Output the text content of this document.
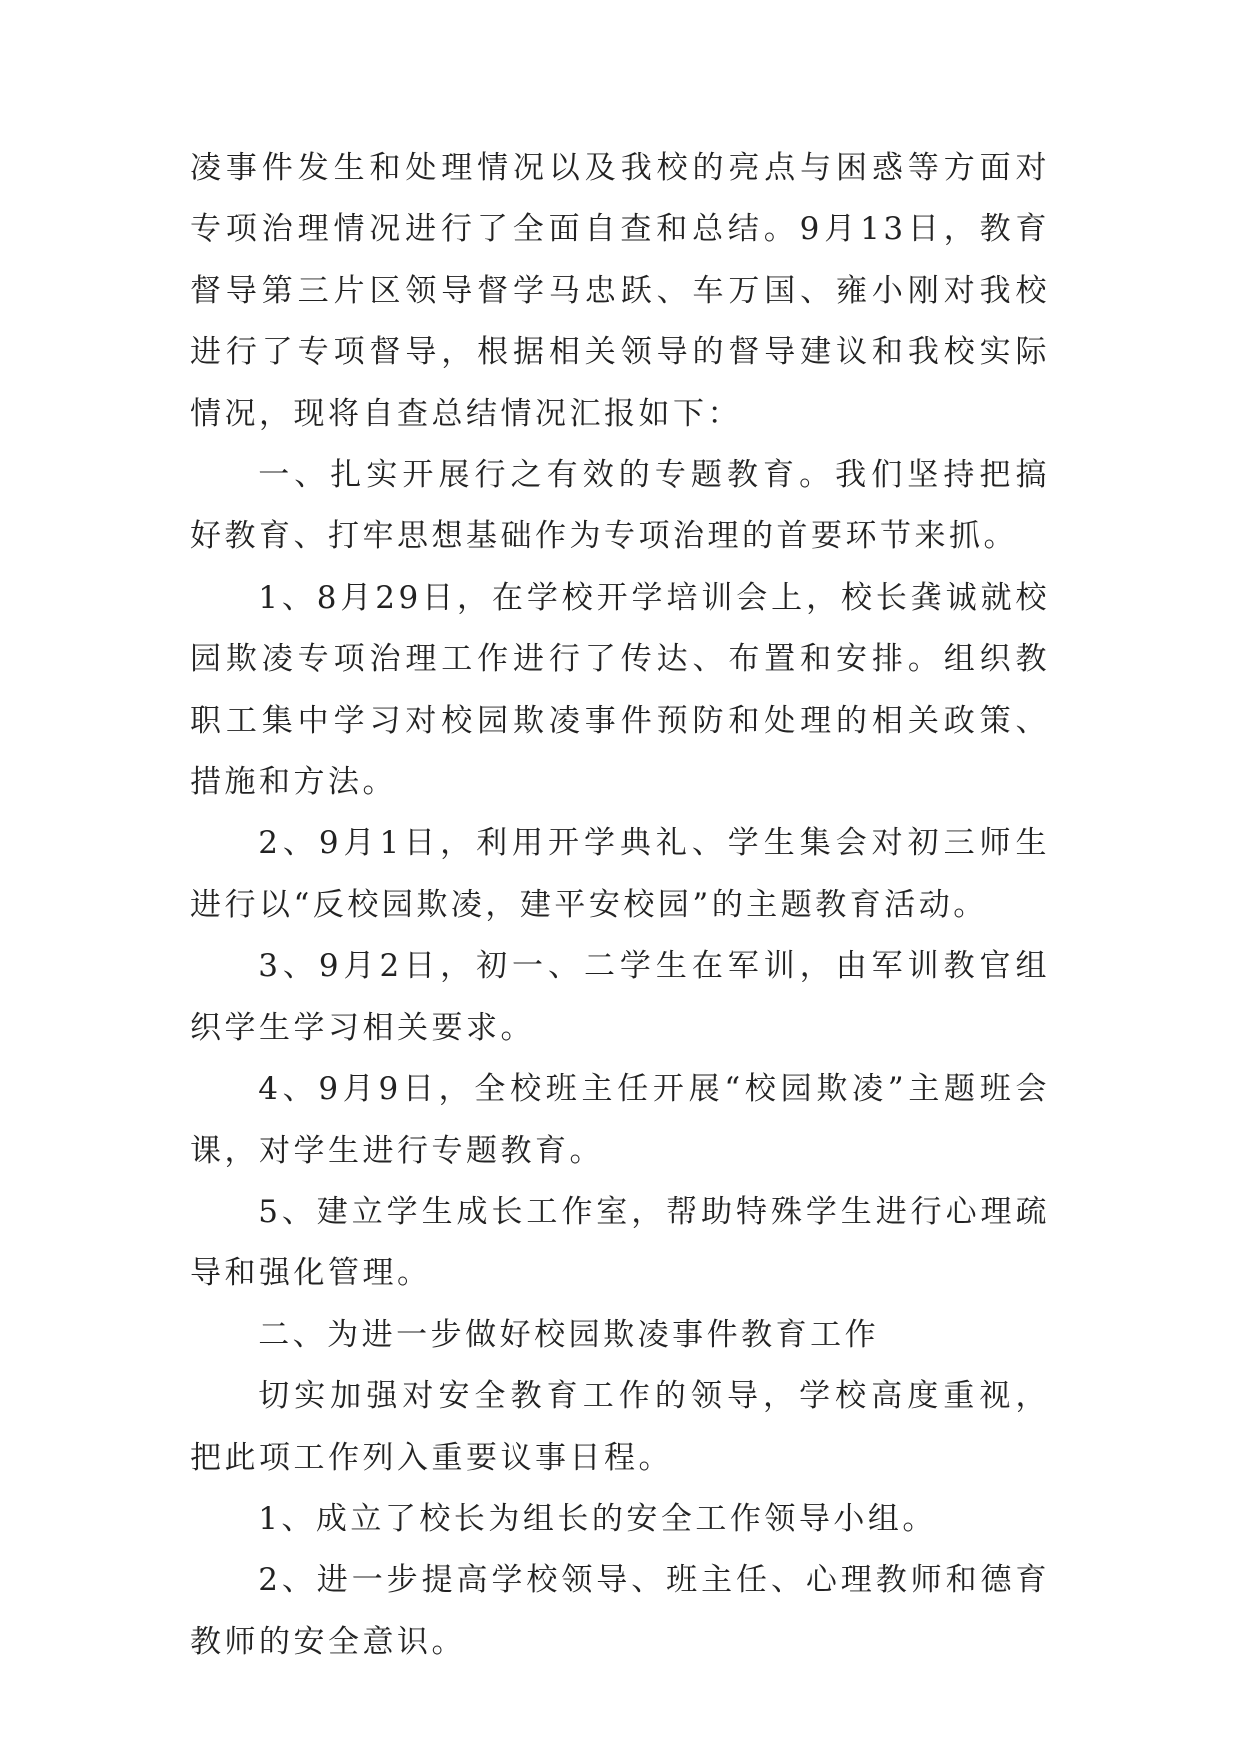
凌事件发生和处理情况以及我校的亮点与困惑等方面对专项治理情况进行了全面自查和总结。9月13日，教育督导第三片区领导督学马忠跃、车万国、雍小刚对我校进行了专项督导，根据相关领导的督导建议和我校实际情况，现将自查总结情况汇报如下：

一、扎实开展行之有效的专题教育。我们坚持把搞好教育、打牢思想基础作为专项治理的首要环节来抓。

1、8月29日，在学校开学培训会上，校长龚诚就校园欺凌专项治理工作进行了传达、布置和安排。组织教职工集中学习对校园欺凌事件预防和处理的相关政策、措施和方法。

2、9月1日，利用开学典礼、学生集会对初三师生进行以“反校园欺凌，建平安校园”的主题教育活动。

3、9月2日，初一、二学生在军训，由军训教官组织学生学习相关要求。

4、9月9日，全校班主任开展“校园欺凌”主题班会课，对学生进行专题教育。

5、建立学生成长工作室，帮助特殊学生进行心理疏导和强化管理。

二、为进一步做好校园欺凌事件教育工作

切实加强对安全教育工作的领导，学校高度重视，把此项工作列入重要议事日程。

1、成立了校长为组长的安全工作领导小组。

2、进一步提高学校领导、班主任、心理教师和德育教师的安全意识。
